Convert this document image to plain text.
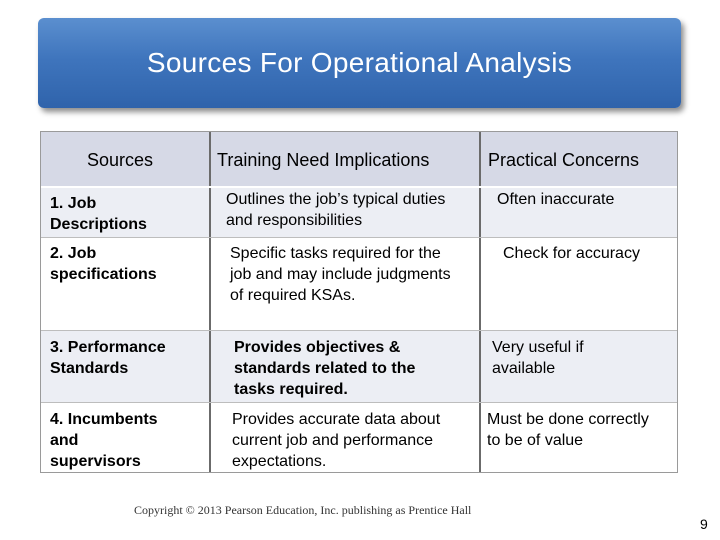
Sources For Operational Analysis
Sources	Training Need Implications	Practical Concerns
1. Job
Descriptions
Outlines the job’s typical duties
and responsibilities
Often inaccurate
2. Job
specifications
Specific tasks required for the
job and may include judgments
of required KSAs.
Check for accuracy
3. Performance
Standards
Provides objectives &
standards related to the
tasks required.
Very useful if
available
4. Incumbents
and
supervisors
Provides accurate data about
current job and performance
expectations.
Must be done correctly
to be of value
Copyright © 2013 Pearson Education, Inc. publishing as Prentice Hall
9
